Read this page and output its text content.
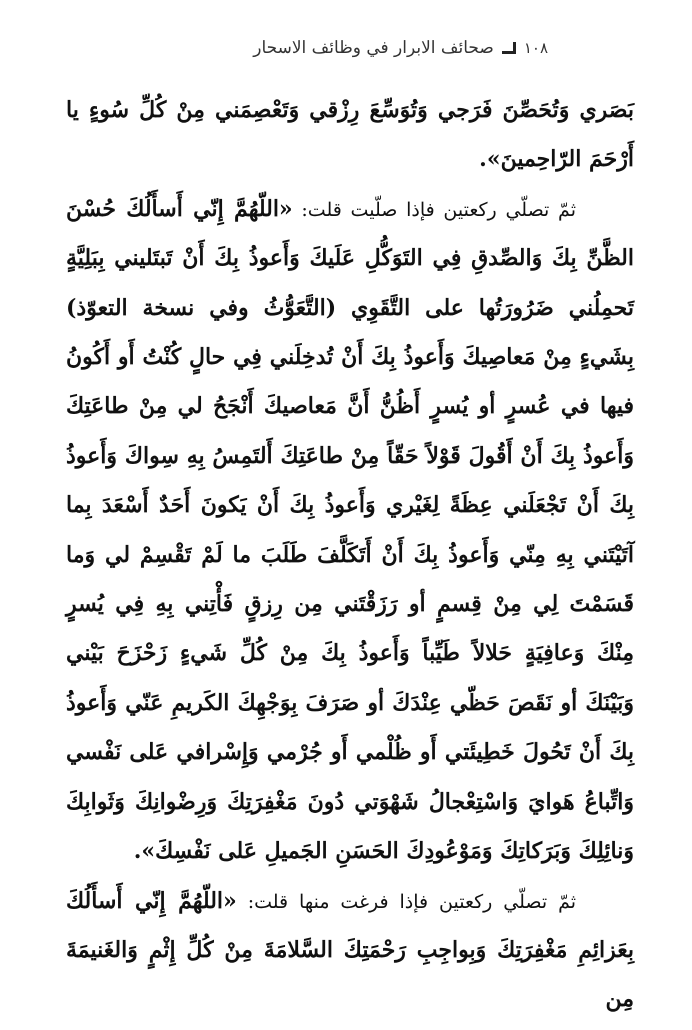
١٠٨
صحائف الابرار في وظائف الاسحار

بَصَري وَتُحَصِّنَ فَرَجي وَتُوَسِّعَ رِزْقي وَتَعْصِمَني مِنْ كُلِّ سُوءٍ يا أَرْحَمَ الرّاحِمينَ».

ثمّ تصلّي ركعتين فإذا صلّيت قلت: «اللّهُمَّ إِنّي أَسأَلُكَ حُسْنَ الظَّنِّ بِكَ وَالصِّدقِ فِي التَوَكُّلِ عَلَيكَ وَأَعوذُ بِكَ أَنْ تَبتَليني بِبَلِيَّةٍ تَحمِلُني ضَرُورَتُها على التَّقَوِي (التَّعَوُّثُ وفي نسخة التعوّذ) بِشَيءٍ مِنْ مَعاصِيكَ وَأَعوذُ بِكَ أَنْ تُدخِلَني فِي حالٍ كُنْتُ أَو أَكُونُ فيها في عُسرٍ أو يُسرٍ أَظُنُّ أَنَّ مَعاصيكَ أَنْجَحُ لي مِنْ طاعَتِكَ وَأَعوذُ بِكَ أَنْ أَقُولَ قَوْلاً حَقّاً مِنْ طاعَتِكَ أَلتَمِسُ بِهِ سِواكَ وَأَعوذُ بِكَ أَنْ تَجْعَلَني عِظَةً لِغَيْري وَأَعوذُ بِكَ أَنْ يَكونَ أَحَدٌ أَسْعَدَ بِما آتَيْتَني بِهِ مِنّي وَأَعوذُ بِكَ أَنْ أَتَكَلَّفَ طَلَبَ ما لَمْ تَقْسِمْ لي وَما قَسَمْتَ لِي مِنْ قِسمٍ أو رَزَقْتَني مِن رِزقٍ فَأْتِني بِهِ فِي يُسرٍ مِنْكَ وَعافِيَةٍ حَلالاً طَيِّباً وَأَعوذُ بِكَ مِنْ كُلِّ شَيءٍ زَحْزَحَ بَيْني وَبَيْنَكَ أو نَقَصَ حَظّي عِنْدَكَ أو صَرَفَ بِوَجْهِكَ الكَريمِ عَنّي وَأَعوذُ بِكَ أَنْ تَحُولَ خَطِيئَتي أَو ظُلْمي أَو جُرْمي وَإِسْرافي عَلى نَفْسي وَاتِّباعُ هَوايَ وَاسْتِعْجالُ شَهْوَتي دُونَ مَغْفِرَتِكَ وَرِضْوانِكَ وَثَوابِكَ وَنائِلِكَ وَبَرَكاتِكَ وَمَوْعُودِكَ الحَسَنِ الجَميلِ عَلى نَفْسِكَ».

ثمّ تصلّي ركعتين فإذا فرغت منها قلت: «اللّهُمَّ إِنّي أَسأَلُكَ بِعَزائِمِ مَغْفِرَتِكَ وَبِواجِبِ رَحْمَتِكَ السَّلامَةَ مِنْ كُلِّ إِثْمٍ وَالغَنيمَةَ مِن
